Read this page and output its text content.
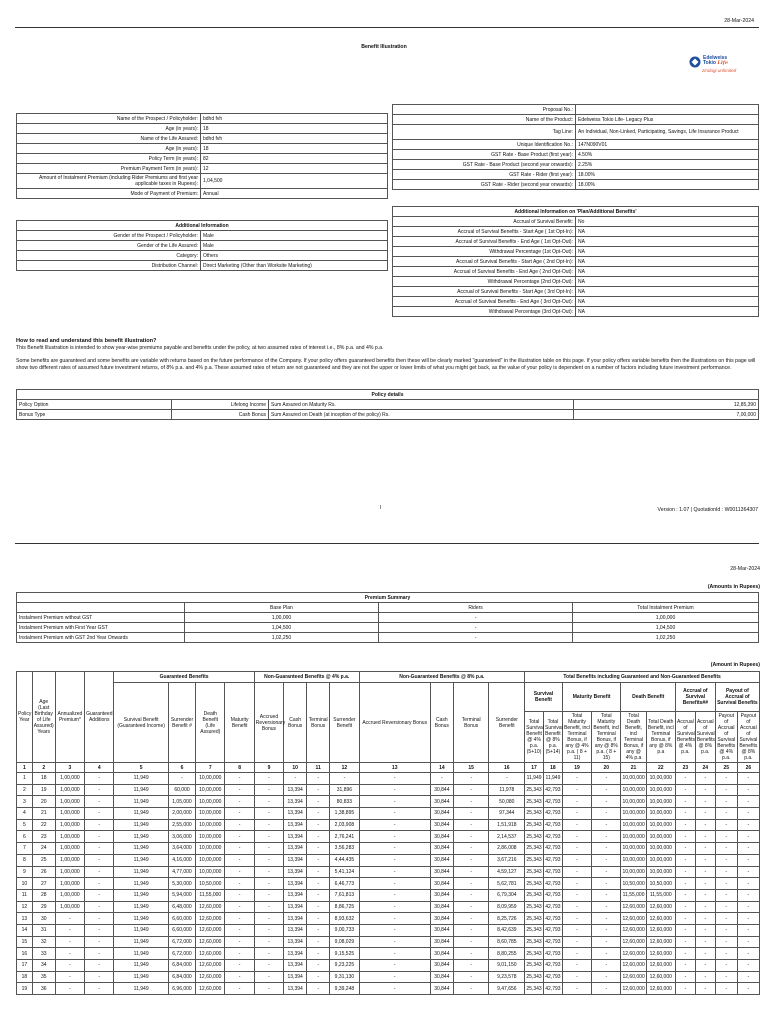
28-Mar-2024
Benefit Illustration
Edelweiss
Tokio Life
zindagi unlimited
Name of the Prospect / Policyholder:	bdhd fvh
Age (in years):	18
Name of the Life Assured:	bdhd fvh
Age (in years):	18
Policy Term (in years):	82
Premium Payment Term (in years):	12
Amount of Instalment Premium (including Rider Premiums and first year applicable taxes in Rupees):	1,04,500
Mode of Payment of Premium:	Annual
Additional Information	
Gender of the Prospect / Policyholder:	Male
Gender of the Life Assured:	Male
Category:	Others
Distribution Channel:	Direct Marketing (Other than Worksite Marketing)
Proposal No.:	
Name of the Product:	Edelweiss Tokio Life- Legacy Plus
Tag Line:	An Individual, Non-Linked, Participating, Savings, Life Insurance Product
Unique Identification No.:	147N090V01
GST Rate - Base Product (first year):	4.50%
GST Rate - Base Product (second year onwards):	2.25%
GST Rate - Rider (first year):	18.00%
GST Rate - Rider (second year onwards):	18.00%
Additional Information on 'Plan/Additional Benefits'	
Accrual of Survival Benefit:	No
Accrual of Survival Benefits - Start Age ( 1st Opt-In):	NA
Accrual of Survival Benefits - End Age ( 1st Opt-Out):	NA
Withdrawal Percentage (1st Opt-Out):	NA
Accrual of Survival Benefits - Start Age ( 2nd Opt-In):	NA
Accrual of Survival Benefits - End Age ( 2nd Opt-Out):	NA
Withdrawal Percentage (2nd Opt-Out):	NA
Accrual of Survival Benefits - Start Age ( 3rd Opt-In):	NA
Accrual of Survival Benefits - End Age ( 3rd Opt-Out):	NA
Withdrawal Percentage (3rd Opt-Out):	NA
How to read and understand this benefit illustration?
This Benefit Illustration is intended to show year-wise premiums payable and benefits under the policy, at two assumed rates of interest i.e., 8% p.a. and 4% p.a.
Some benefits are guaranteed and some benefits are variable with returns based on the future performance of the Company. If your policy offers guaranteed benefits then these will be clearly marked "guaranteed" in the illustration table on this page. If your policy offers variable benefits then the illustrations on this page will show two different rates of assumed future investment returns, of 8% p.a. and 4% p.a. These assumed rates of return are not guaranteed and they are not the upper or lower limits of what you might get back, as the value of your policy is dependent on a number of factors including future investment performance.
Policy details			
Policy Option	Lifelong Income	Sum Assured on Maturity Rs.	12,85,390
Bonus Type	Cash Bonus	Sum Assured on Death (at inception of the policy) Rs.	7,00,000
I	Version : 1.07 | QuotationId : W0011364307
28-Mar-2024
(Amounts in Rupees)
Premium Summary			
	Base Plan	Riders	Total Instalment Premium
Instalment Premium without GST	1,00,000	-	1,00,000
Instalment Premium with First Year GST	1,04,500	-	1,04,500
Instalment Premium with GST 2nd Year Onwards	1,02,250	-	1,02,250
(Amount in Rupees)
Policy Year	Age (Last Birthday of Life Assured) Years	Annualized Premium*	Guaranteed Additions	Guaranteed Benefits				Non-Guaranteed Benefits @ 4% p.a.				Non-Guaranteed Benefits @ 8% p.a.				Total Benefits including Guaranteed and Non-Guaranteed Benefits									
				Survival Benefit (Guaranteed Income)	Surrender Benefit #	Death Benefit (Life Assured)	Maturity Benefit	Accrued Reversionary Bonus	Cash Bonus	Terminal Bonus	Surrender Benefit	Accrued Reversionary Bonus	Cash Bonus	Terminal Bonus	Surrender Benefit	Survival Benefit		Maturity Benefit		Death Benefit		Accrual of Survival Benefits##		Payout of Accrual of Survival Benefits	
																Total Survival Benefit @ 4% p.a. (5+10)	Total Survival Benefit @ 8% p.a. (5+14)	Total Maturity Benefit, incl Terminal Bonus, if any @ 4% p.a. ( 8 + 11)	Total Maturity Benefit, incl Terminal Bonus, if any @ 8% p.a. ( 8 + 15)	Total Death Benefit, incl Terminal Bonus, if any @ 4% p.a	Total Death Benefit, incl Terminal Bonus, if any @ 8% p.a	Accrual of Survival Benefits @ 4% p.a.	Accrual of Survival Benefits @ 8% p.a.	Payout of Accrual of Survival Benefits @ 4% p.a.	Payout of Accrual of Survival Benefits @ 8% p.a.
1	2	3	4	5	6	7	8	9	10	11	12	13	14	15	16	17	18	19	20	21	22	23	24	25	26
1	18	1,00,000	-	11,949	-	10,00,000	-	-	-	-	-	-	-	-	-	11,949	11,949	-	-	10,00,000	10,00,000	-	-	-	-
2	19	1,00,000	-	11,949	60,000	10,00,000	-	-	13,394	-	31,896	-	30,844	-	11,978	25,343	42,793	-	-	10,00,000	10,00,000	-	-	-	-
3	20	1,00,000	-	11,949	1,05,000	10,00,000	-	-	13,394	-	80,833	-	30,844	-	50,080	25,343	42,793	-	-	10,00,000	10,00,000	-	-	-	-
4	21	1,00,000	-	11,949	2,00,000	10,00,000	-	-	13,394	-	1,38,895	-	30,844	-	97,344	25,343	42,793	-	-	10,00,000	10,00,000	-	-	-	-
5	22	1,00,000	-	11,949	2,55,000	10,00,000	-	-	13,394	-	2,03,908	-	30,844	-	1,51,918	25,343	42,793	-	-	10,00,000	10,00,000	-	-	-	-
6	23	1,00,000	-	11,949	3,06,000	10,00,000	-	-	13,394	-	2,76,241	-	30,844	-	2,14,537	25,343	42,793	-	-	10,00,000	10,00,000	-	-	-	-
7	24	1,00,000	-	11,949	3,64,000	10,00,000	-	-	13,394	-	3,56,283	-	30,844	-	2,86,008	25,343	42,793	-	-	10,00,000	10,00,000	-	-	-	-
8	25	1,00,000	-	11,949	4,16,000	10,00,000	-	-	13,394	-	4,44,435	-	30,844	-	3,67,216	25,343	42,793	-	-	10,00,000	10,00,000	-	-	-	-
9	26	1,00,000	-	11,949	4,77,000	10,00,000	-	-	13,394	-	5,41,124	-	30,844	-	4,59,127	25,343	42,793	-	-	10,00,000	10,00,000	-	-	-	-
10	27	1,00,000	-	11,949	5,30,000	10,50,000	-	-	13,394	-	6,46,773	-	30,844	-	5,62,781	25,343	42,793	-	-	10,50,000	10,50,000	-	-	-	-
11	28	1,00,000	-	11,949	5,94,000	11,55,000	-	-	13,394	-	7,61,813	-	30,844	-	6,79,304	25,343	42,793	-	-	11,55,000	11,55,000	-	-	-	-
12	29	1,00,000	-	11,949	6,48,000	12,60,000	-	-	13,394	-	8,86,725	-	30,844	-	8,09,959	25,343	42,793	-	-	12,60,000	12,60,000	-	-	-	-
13	30	-	-	11,949	6,60,000	12,60,000	-	-	13,394	-	8,93,632	-	30,844	-	8,25,726	25,343	42,793	-	-	12,60,000	12,60,000	-	-	-	-
14	31	-	-	11,949	6,60,000	12,60,000	-	-	13,394	-	9,00,733	-	30,844	-	8,42,639	25,343	42,793	-	-	12,60,000	12,60,000	-	-	-	-
15	32	-	-	11,949	6,72,000	12,60,000	-	-	13,394	-	9,08,029	-	30,844	-	8,60,785	25,343	42,793	-	-	12,60,000	12,60,000	-	-	-	-
16	33	-	-	11,949	6,72,000	12,60,000	-	-	13,394	-	9,15,525	-	30,844	-	8,80,255	25,343	42,793	-	-	12,60,000	12,60,000	-	-	-	-
17	34	-	-	11,949	6,84,000	12,60,000	-	-	13,394	-	9,23,225	-	30,844	-	9,01,150	25,343	42,793	-	-	12,60,000	12,60,000	-	-	-	-
18	35	-	-	11,949	6,84,000	12,60,000	-	-	13,394	-	9,31,130	-	30,844	-	9,23,578	25,343	42,793	-	-	12,60,000	12,60,000	-	-	-	-
19	36	-	-	11,949	6,96,000	12,60,000	-	-	13,394	-	9,39,248	-	30,844	-	9,47,656	25,343	42,793	-	-	12,60,000	12,60,000	-	-	-	-
